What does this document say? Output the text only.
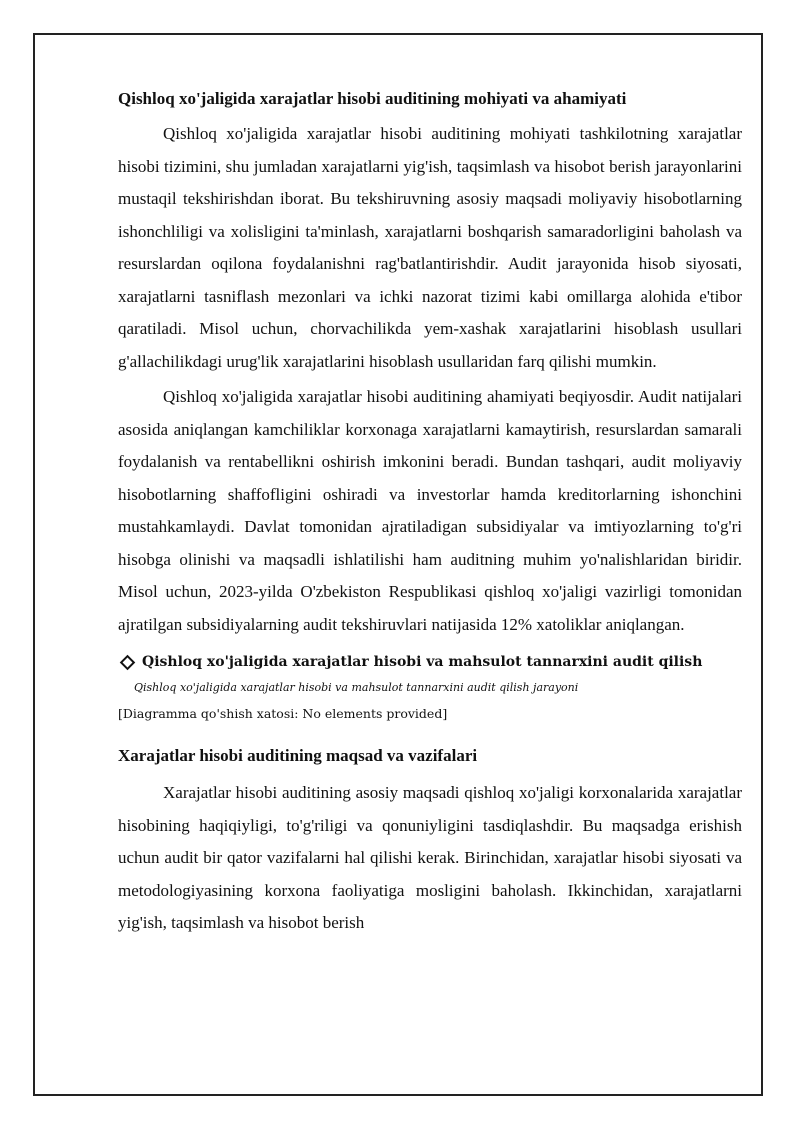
Qishloq xo'jaligida xarajatlar hisobi auditining mohiyati va ahamiyati

Qishloq xo'jaligida xarajatlar hisobi auditining mohiyati tashkilotning xarajatlar hisobi tizimini, shu jumladan xarajatlarni yig'ish, taqsimlash va hisobot berish jarayonlarini mustaqil tekshirishdan iborat. Bu tekshiruvning asosiy maqsadi moliyaviy hisobotlarning ishonchliligi va xolisligini ta'minlash, xarajatlarni boshqarish samaradorligini baholash va resurslardan oqilona foydalanishni rag'batlantirishdir. Audit jarayonida hisob siyosati, xarajatlarni tasniflash mezonlari va ichki nazorat tizimi kabi omillarga alohida e'tibor qaratiladi. Misol uchun, chorvachilikda yem-xashak xarajatlarini hisoblash usullari g'allachilikdagi urug'lik xarajatlarini hisoblash usullaridan farq qilishi mumkin.

Qishloq xo'jaligida xarajatlar hisobi auditining ahamiyati beqiyosdir. Audit natijalari asosida aniqlangan kamchiliklar korxonaga xarajatlarni kamaytirish, resurslardan samarali foydalanish va rentabellikni oshirish imkonini beradi. Bundan tashqari, audit moliyaviy hisobotlarning shaffofligini oshiradi va investorlar hamda kreditorlarning ishonchini mustahkamlaydi. Davlat tomonidan ajratiladigan subsidiyalar va imtiyozlarning to'g'ri hisobga olinishi va maqsadli ishlatilishi ham auditning muhim yo'nalishlaridan biridir. Misol uchun, 2023-yilda O'zbekiston Respublikasi qishloq xo'jaligi vazirligi tomonidan ajratilgan subsidiyalarning audit tekshiruvlari natijasida 12% xatoliklar aniqlangan.

Qishloq xo'jaligida xarajatlar hisobi va mahsulot tannarxini audit qilish
Qishloq xo'jaligida xarajatlar hisobi va mahsulot tannarxini audit qilish jarayoni
[Diagramma qo'shish xatosi: No elements provided]
Xarajatlar hisobi auditining maqsad va vazifalari

Xarajatlar hisobi auditining asosiy maqsadi qishloq xo'jaligi korxonalarida xarajatlar hisobining haqiqiyligi, to'g'riligi va qonuniyligini tasdiqlashdir. Bu maqsadga erishish uchun audit bir qator vazifalarni hal qilishi kerak. Birinchidan, xarajatlar hisobi siyosati va metodologiyasining korxona faoliyatiga mosligini baholash. Ikkinchidan, xarajatlarni yig'ish, taqsimlash va hisobot berish
